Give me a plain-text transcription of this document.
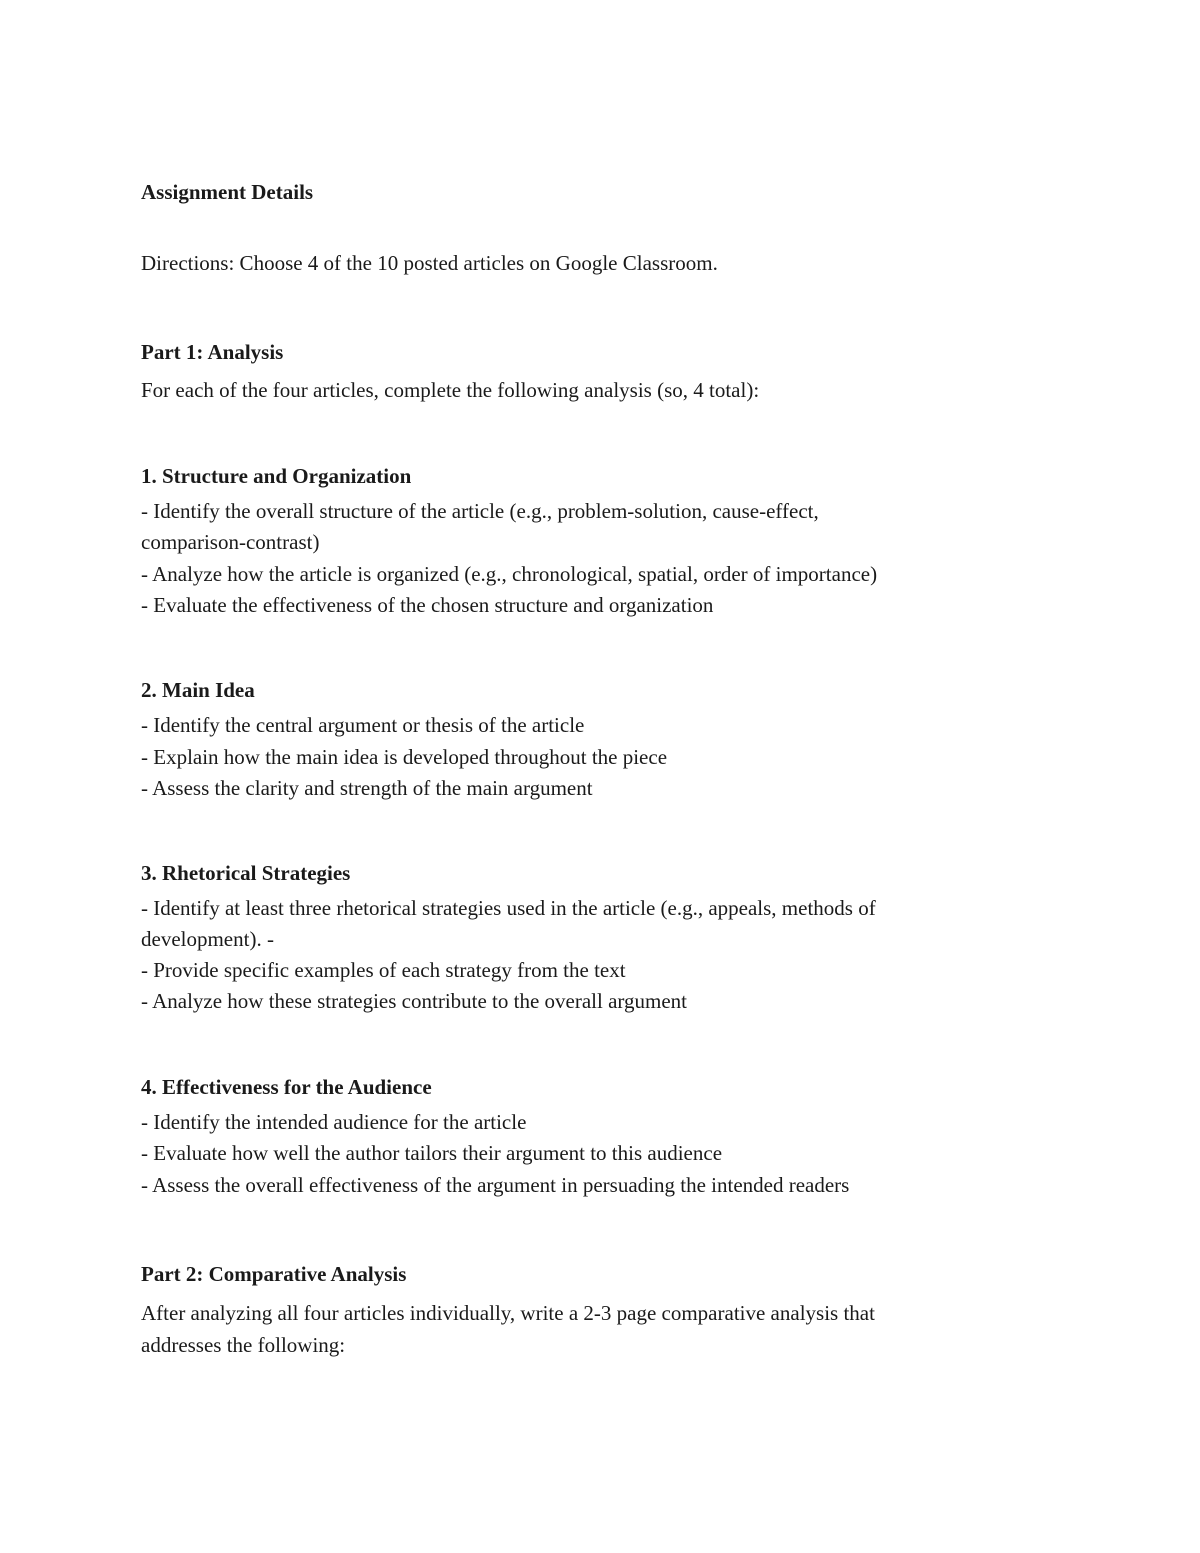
Assignment Details
Directions: Choose 4 of the 10 posted articles on Google Classroom.
Part 1: Analysis
For each of the four articles, complete the following analysis (so, 4 total):
1. Structure and Organization
- Identify the overall structure of the article (e.g., problem-solution, cause-effect,
comparison-contrast)
- Analyze how the article is organized (e.g., chronological, spatial, order of importance)
- Evaluate the effectiveness of the chosen structure and organization
2. Main Idea
- Identify the central argument or thesis of the article
- Explain how the main idea is developed throughout the piece
- Assess the clarity and strength of the main argument
3. Rhetorical Strategies
- Identify at least three rhetorical strategies used in the article (e.g., appeals, methods of
development). -
- Provide specific examples of each strategy from the text
- Analyze how these strategies contribute to the overall argument
4. Effectiveness for the Audience
- Identify the intended audience for the article
- Evaluate how well the author tailors their argument to this audience
- Assess the overall effectiveness of the argument in persuading the intended readers
Part 2: Comparative Analysis
After analyzing all four articles individually, write a 2-3 page comparative analysis that
addresses the following:
